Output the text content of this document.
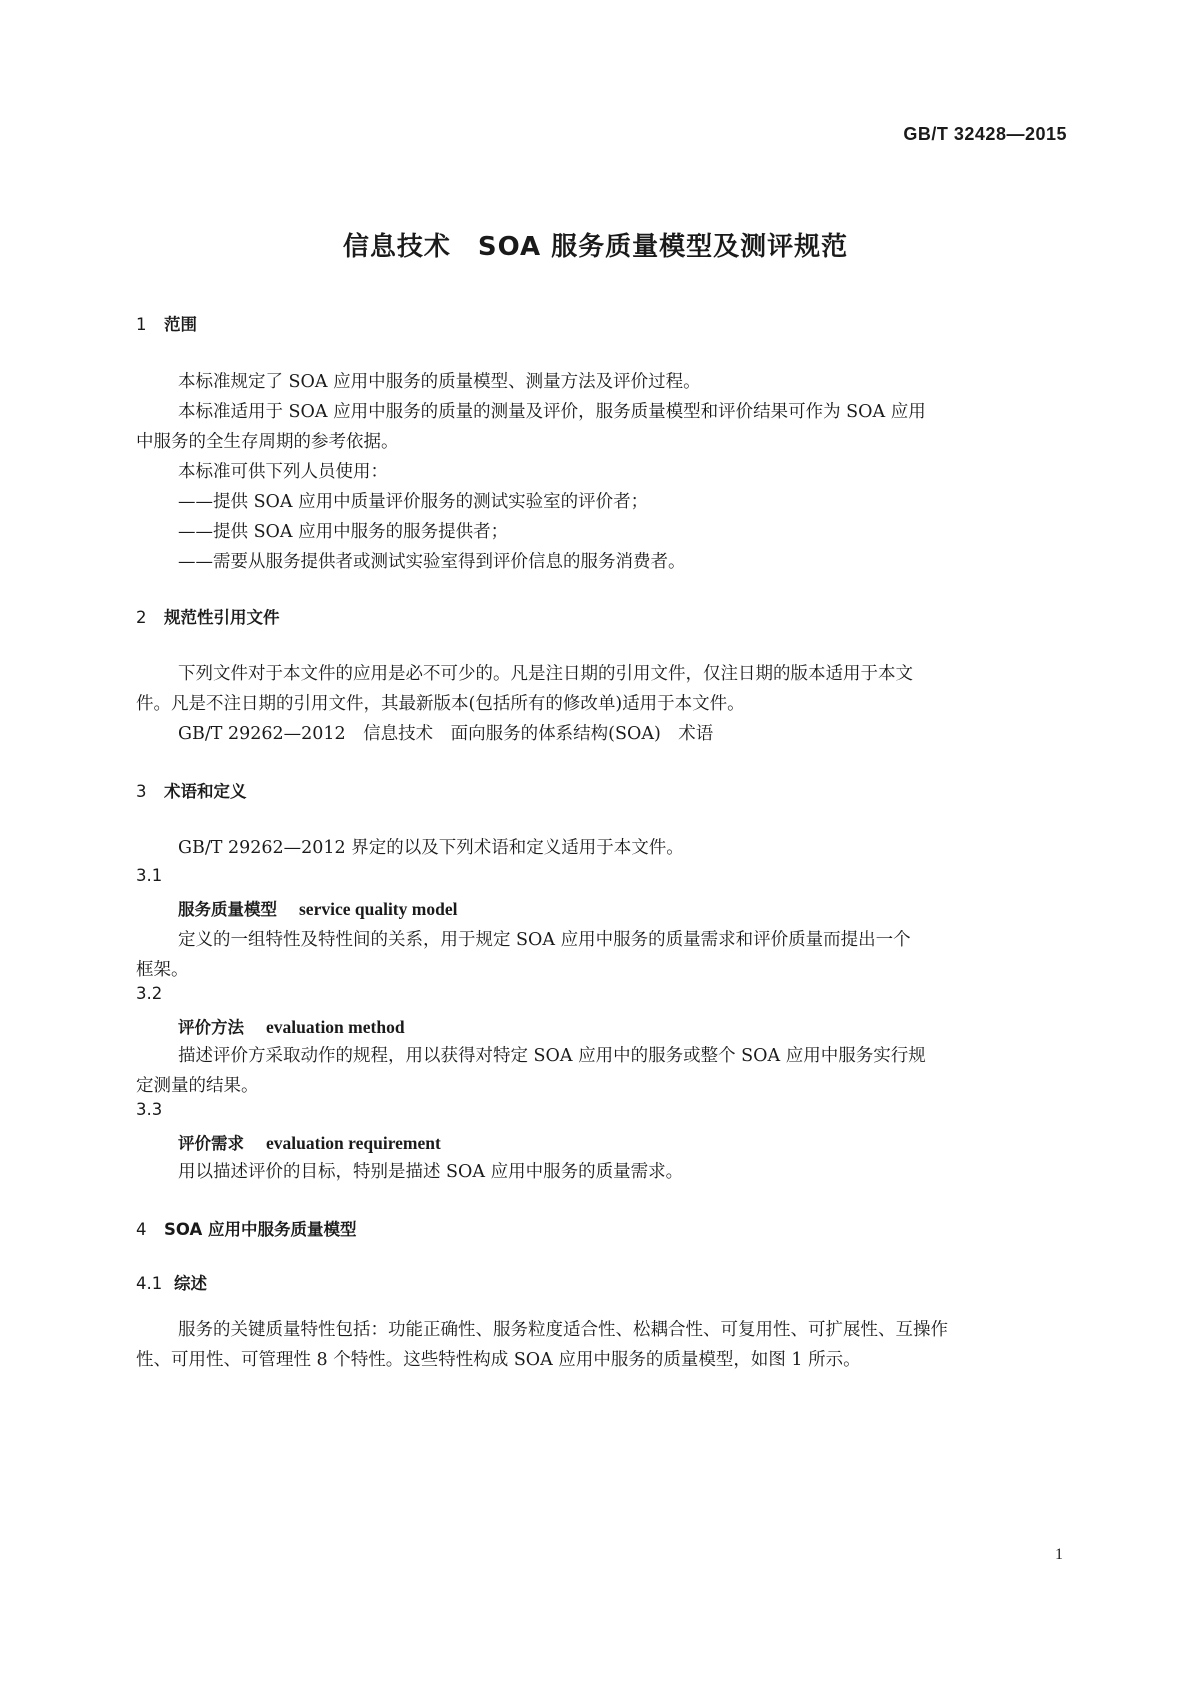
GB/T 32428—2015
信息技术　SOA 服务质量模型及测评规范
1 范围
本标准规定了 SOA 应用中服务的质量模型、测量方法及评价过程。
本标准适用于 SOA 应用中服务的质量的测量及评价，服务质量模型和评价结果可作为 SOA 应用
中服务的全生存周期的参考依据。
本标准可供下列人员使用：
——提供 SOA 应用中质量评价服务的测试实验室的评价者；
——提供 SOA 应用中服务的服务提供者；
——需要从服务提供者或测试实验室得到评价信息的服务消费者。
2 规范性引用文件
下列文件对于本文件的应用是必不可少的。凡是注日期的引用文件，仅注日期的版本适用于本文
件。凡是不注日期的引用文件，其最新版本(包括所有的修改单)适用于本文件。
GB/T 29262—2012　信息技术　面向服务的体系结构(SOA)　术语
3 术语和定义
GB/T 29262—2012 界定的以及下列术语和定义适用于本文件。
3.1
服务质量模型 service quality model
定义的一组特性及特性间的关系，用于规定 SOA 应用中服务的质量需求和评价质量而提出一个
框架。
3.2
评价方法 evaluation method
描述评价方采取动作的规程，用以获得对特定 SOA 应用中的服务或整个 SOA 应用中服务实行规
定测量的结果。
3.3
评价需求 evaluation requirement
用以描述评价的目标，特别是描述 SOA 应用中服务的质量需求。
4 SOA 应用中服务质量模型
4.1 综述
服务的关键质量特性包括：功能正确性、服务粒度适合性、松耦合性、可复用性、可扩展性、互操作
性、可用性、可管理性 8 个特性。这些特性构成 SOA 应用中服务的质量模型，如图 1 所示。
1
